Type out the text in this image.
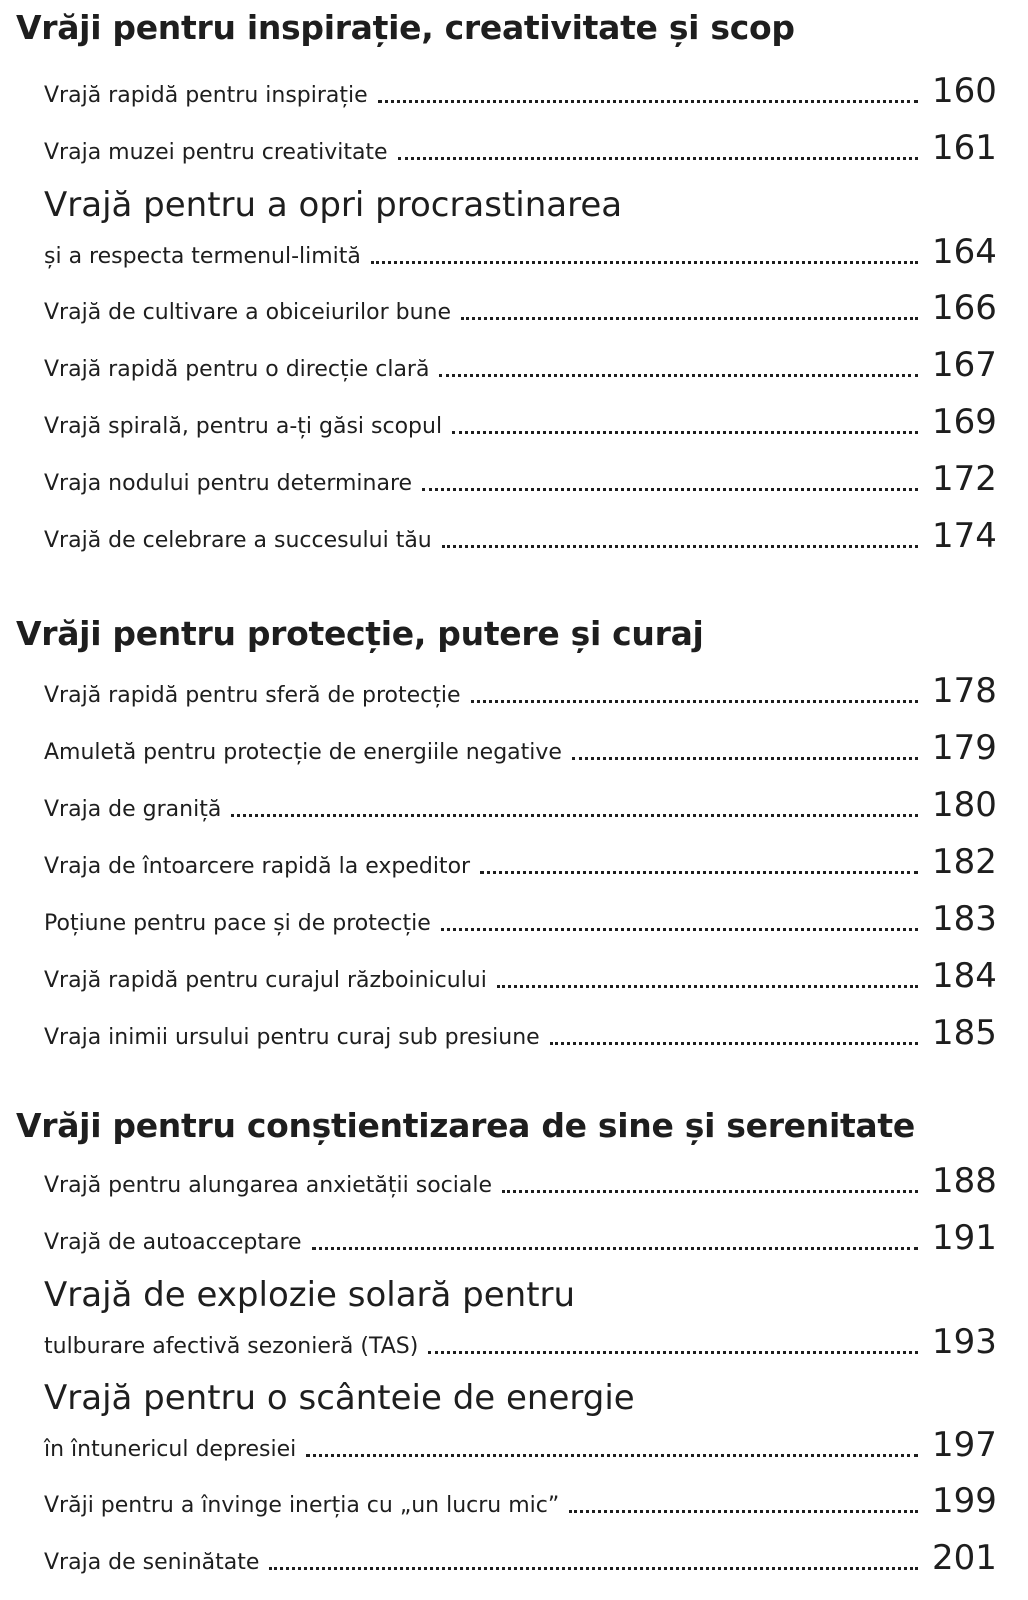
Vrăji pentru inspirație, creativitate și scop
Vrajă rapidă pentru inspirație	160
Vraja muzei pentru creativitate	161
Vrajă pentru a opri procrastinarea
și a respecta termenul-limită	164
Vrajă de cultivare a obiceiurilor bune	166
Vrajă rapidă pentru o direcție clară	167
Vrajă spirală, pentru a-ți găsi scopul	169
Vraja nodului pentru determinare	172
Vrajă de celebrare a succesului tău	174
Vrăji pentru protecție, putere și curaj
Vrajă rapidă pentru sferă de protecție	178
Amuletă pentru protecție de energiile negative	179
Vraja de graniță	180
Vraja de întoarcere rapidă la expeditor	182
Poțiune pentru pace și de protecție	183
Vrajă rapidă pentru curajul războinicului	184
Vraja inimii ursului pentru curaj sub presiune	185
Vrăji pentru conștientizarea de sine și serenitate
Vrajă pentru alungarea anxietății sociale	188
Vrajă de autoacceptare	191
Vrajă de explozie solară pentru
tulburare afectivă sezonieră (TAS)	193
Vrajă pentru o scânteie de energie
în întunericul depresiei	197
Vrăji pentru a învinge inerția cu „un lucru mic”	199
Vraja de seninătate	201
